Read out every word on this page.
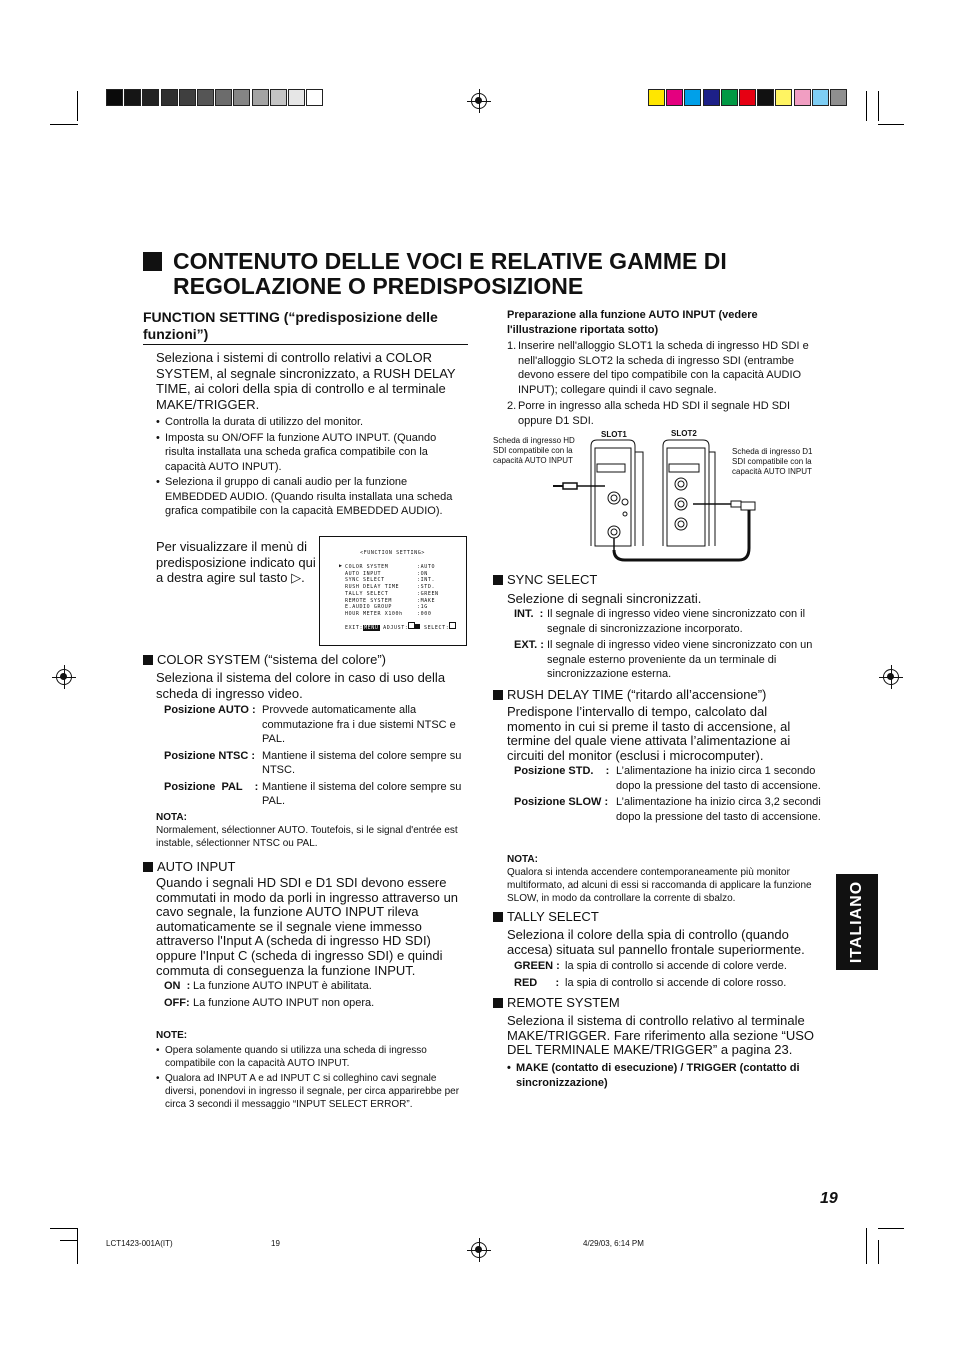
CONTENUTO DELLE VOCI E RELATIVE GAMME DI
REGOLAZIONE O PREDISPOSIZIONE
FUNCTION SETTING (“predisposizione delle
funzioni”)
Seleziona i sistemi di controllo relativi a COLOR SYSTEM, al segnale sincronizzato, a RUSH DELAY TIME, ai colori della spia di controllo e al terminale MAKE/TRIGGER.
• Controlla la durata di utilizzo del monitor.
• Imposta su ON/OFF la funzione AUTO INPUT. (Quando risulta installata una scheda grafica compatibile con la capacità AUTO INPUT).
• Seleziona il gruppo di canali audio per la funzione EMBEDDED AUDIO. (Quando risulta installata una scheda grafica compatibile con la capacità EMBEDDED AUDIO).
Per visualizzare il menù di predisposizione indicato qui a destra agire sul tasto ▷.
<FUNCTION SETTING>
▶ COLOR SYSTEM	:AUTO
AUTO INPUT	:ON
SYNC SELECT	:INT.
RUSH DELAY TIME	:STD.
TALLY SELECT	:GREEN
REMOTE SYSTEM	:MAKE
E.AUDIO GROUP	:1G
HOUR METER X100h	:000
EXIT:MENU ADJUST:	SELECT:
COLOR SYSTEM (“sistema del colore”)
Seleziona il sistema del colore in caso di uso della scheda di ingresso video.
Posizione AUTO : Provvede automaticamente alla commutazione fra i due sistemi NTSC e PAL.
Posizione NTSC : Mantiene il sistema del colore sempre su NTSC.
Posizione  PAL    : Mantiene il sistema del colore sempre su PAL.
NOTA:
Normalement, sélectionner AUTO. Toutefois, si le signal d'entrée est instable, sélectionner NTSC ou PAL.
AUTO INPUT
Quando i segnali HD SDI e D1 SDI devono essere commutati in modo da porli in ingresso attraverso un cavo segnale, la funzione AUTO INPUT rileva automaticamente se il segnale viene immesso attraverso l'Input A (scheda di ingresso HD SDI) oppure l'Input C (scheda di ingresso SDI) e quindi commuta di conseguenza la funzione INPUT.
ON  : La funzione AUTO INPUT è abilitata.
OFF: La funzione AUTO INPUT non opera.
NOTE:
• Opera solamente quando si utilizza una scheda di ingresso compatibile con la capacità AUTO INPUT.
• Qualora ad INPUT A e ad INPUT C si colleghino cavi segnale diversi, ponendovi in ingresso il segnale, per circa apparirebbe per circa 3 secondi il messaggio “INPUT SELECT ERROR”.
Preparazione alla funzione AUTO INPUT (vedere l'illustrazione riportata sotto)
1. Inserire nell'alloggio SLOT1 la scheda di ingresso HD SDI e nell'alloggio SLOT2 la scheda di ingresso SDI (entrambe devono essere del tipo compatibile con la capacità AUDIO INPUT); collegare quindi il cavo segnale.
2. Porre in ingresso alla scheda HD SDI il segnale HD SDI oppure D1 SDI.
Scheda di ingresso HD SDI compatibile con la capacità AUTO INPUT
Scheda di ingresso D1 SDI compatibile con la capacità AUTO INPUT
SLOT1	SLOT2
SYNC SELECT
Selezione di segnali sincronizzati.
INT.  : Il segnale di ingresso video viene sincronizzato con il segnale di sincronizzazione incorporato.
EXT. : Il segnale di ingresso video viene sincronizzato con un segnale esterno proveniente da un terminale di sincronizzazione esterna.
RUSH DELAY TIME (“ritardo all’accensione”)
Predispone l’intervallo di tempo, calcolato dal momento in cui si preme il tasto di accensione, al termine del quale viene attivata l’alimentazione ai circuiti del monitor (esclusi i microcomputer).
Posizione STD.    : L’alimentazione ha inizio circa 1 secondo dopo la pressione del tasto di accensione.
Posizione SLOW : L’alimentazione ha inizio circa 3,2 secondi dopo la pressione del tasto di accensione.
NOTA:
Qualora si intenda accendere contemporaneamente più monitor multiformato, ad alcuni di essi si raccomanda di applicare la funzione SLOW, in modo da controllare la corrente di sbalzo.
TALLY SELECT
Seleziona il colore della spia di controllo (quando accesa) situata sul pannello frontale superiormente.
GREEN : la spia di controllo si accende di colore verde.
RED      : la spia di controllo si accende di colore rosso.
REMOTE SYSTEM
Seleziona il sistema di controllo relativo al terminale MAKE/TRIGGER. Fare riferimento alla sezione “USO DEL TERMINALE MAKE/TRIGGER” a pagina 23.
• MAKE (contatto di esecuzione) / TRIGGER (contatto di sincronizzazione)
ITALIANO
19
LCT1423-001A(IT)	19	4/29/03, 6:14 PM
